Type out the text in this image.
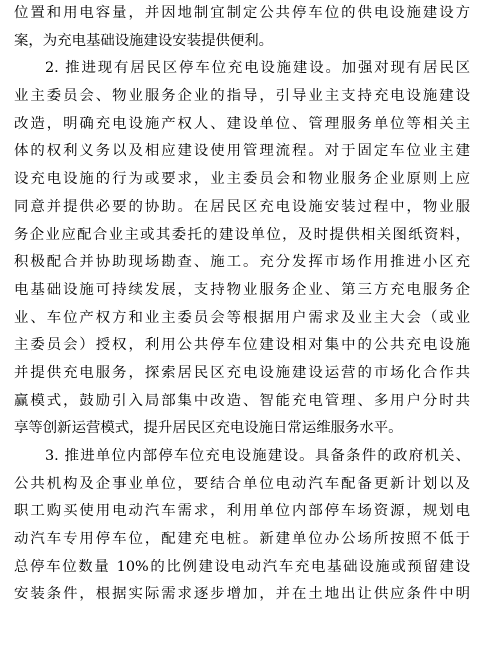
位置和用电容量，并因地制宜制定公共停车位的供电设施建设方
案，为充电基础设施建设安装提供便利。
2. 推进现有居民区停车位充电设施建设。加强对现有居民区
业主委员会、物业服务企业的指导，引导业主支持充电设施建设
改造，明确充电设施产权人、建设单位、管理服务单位等相关主
体的权利义务以及相应建设使用管理流程。对于固定车位业主建
设充电设施的行为或要求，业主委员会和物业服务企业原则上应
同意并提供必要的协助。在居民区充电设施安装过程中，物业服
务企业应配合业主或其委托的建设单位，及时提供相关图纸资料，
积极配合并协助现场勘查、施工。充分发挥市场作用推进小区充
电基础设施可持续发展，支持物业服务企业、第三方充电服务企
业、车位产权方和业主委员会等根据用户需求及业主大会（或业
主委员会）授权，利用公共停车位建设相对集中的公共充电设施
并提供充电服务，探索居民区充电设施建设运营的市场化合作共
赢模式，鼓励引入局部集中改造、智能充电管理、多用户分时共
享等创新运营模式，提升居民区充电设施日常运维服务水平。
3. 推进单位内部停车位充电设施建设。具备条件的政府机关、
公共机构及企事业单位，要结合单位电动汽车配备更新计划以及
职工购买使用电动汽车需求，利用单位内部停车场资源，规划电
动汽车专用停车位，配建充电桩。新建单位办公场所按照不低于
总停车位数量 10%的比例建设电动汽车充电基础设施或预留建设
安装条件，根据实际需求逐步增加，并在土地出让供应条件中明
